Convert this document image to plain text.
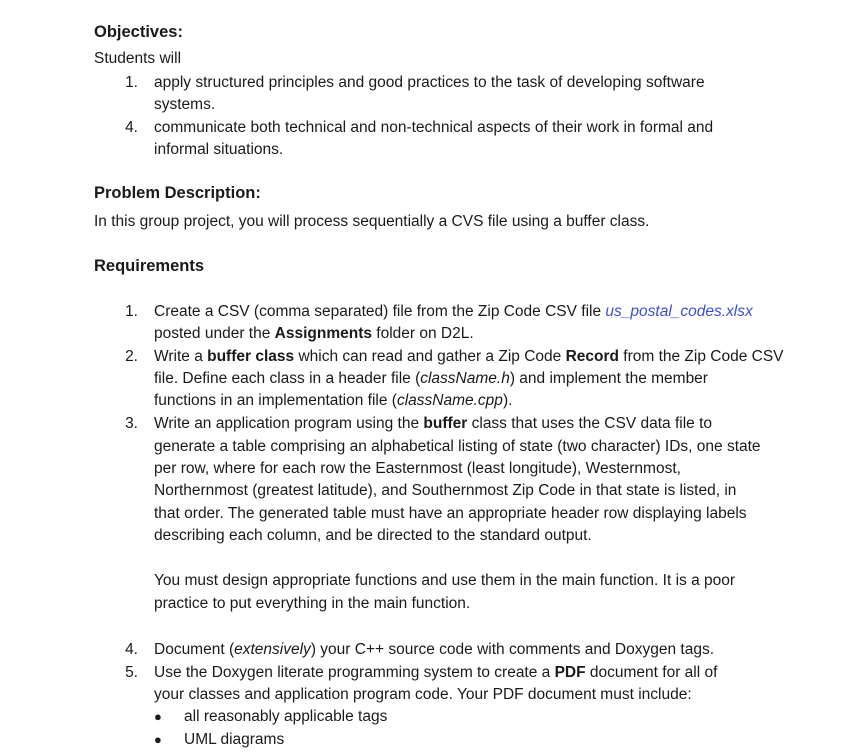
Objectives:
Students will
1. apply structured principles and good practices to the task of developing software
systems.
4. communicate both technical and non-technical aspects of their work in formal and
informal situations.
Problem Description:
In this group project, you will process sequentially a CVS file using a buffer class.
Requirements
1. Create a CSV (comma separated) file from the Zip Code CSV file us_postal_codes.xlsx
posted under the Assignments folder on D2L.
2. Write a buffer class which can read and gather a Zip Code Record from the Zip Code CSV
file. Define each class in a header file (className.h) and implement the member
functions in an implementation file (className.cpp).
3. Write an application program using the buffer class that uses the CSV data file to
generate a table comprising an alphabetical listing of state (two character) IDs, one state
per row, where for each row the Easternmost (least longitude), Westernmost,
Northernmost (greatest latitude), and Southernmost Zip Code in that state is listed, in
that order. The generated table must have an appropriate header row displaying labels
describing each column, and be directed to the standard output.
You must design appropriate functions and use them in the main function. It is a poor
practice to put everything in the main function.
4. Document (extensively) your C++ source code with comments and Doxygen tags.
5. Use the Doxygen literate programming system to create a PDF document for all of
your classes and application program code. Your PDF document must include:
● all reasonably applicable tags
● UML diagrams
